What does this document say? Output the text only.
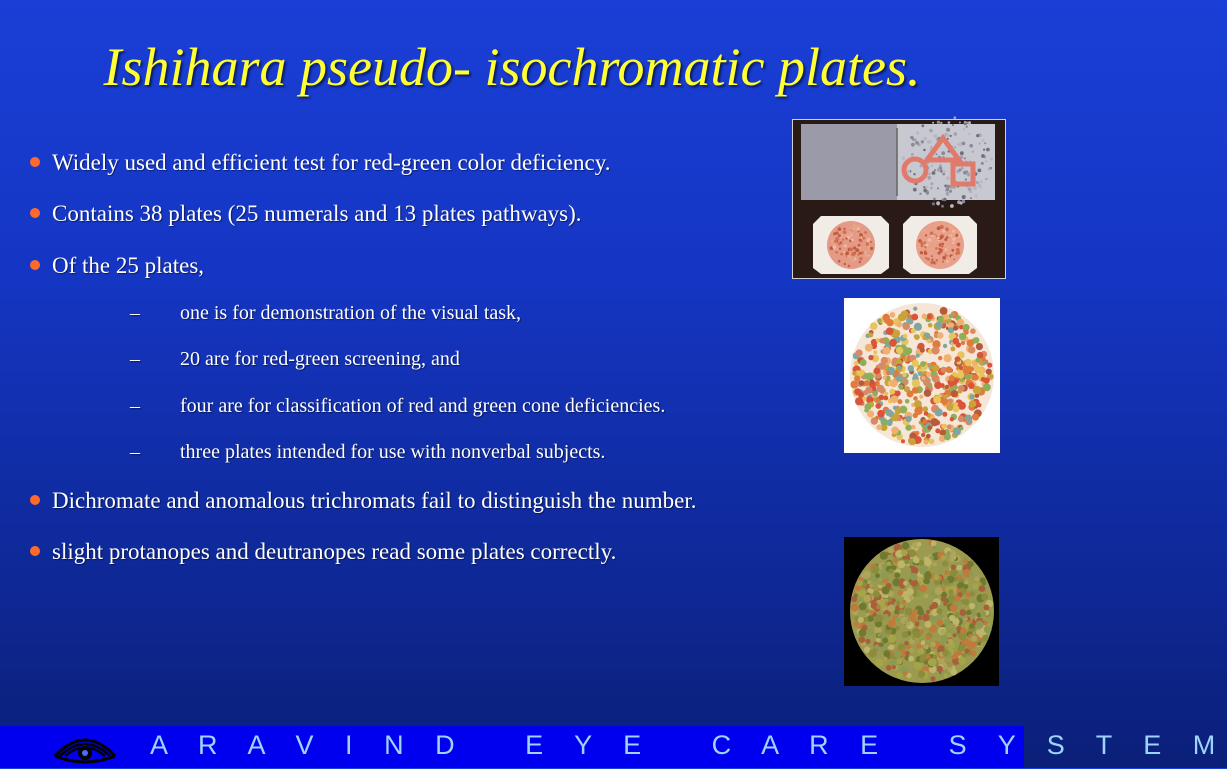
Ishihara pseudo- isochromatic plates.
Widely used and efficient test for red-green color deficiency.
Contains 38 plates (25 numerals and 13 plates pathways).
Of the 25 plates,
– one is for demonstration of the visual task,
– 20 are for red-green screening, and
– four are for classification of red and green cone deficiencies.
– three plates intended for use with nonverbal subjects.
Dichromate and anomalous trichromats fail to distinguish the number.
slight protanopes and deutranopes read some plates correctly.
A R A V I N D   E Y E   C A R E   S Y S T E M
